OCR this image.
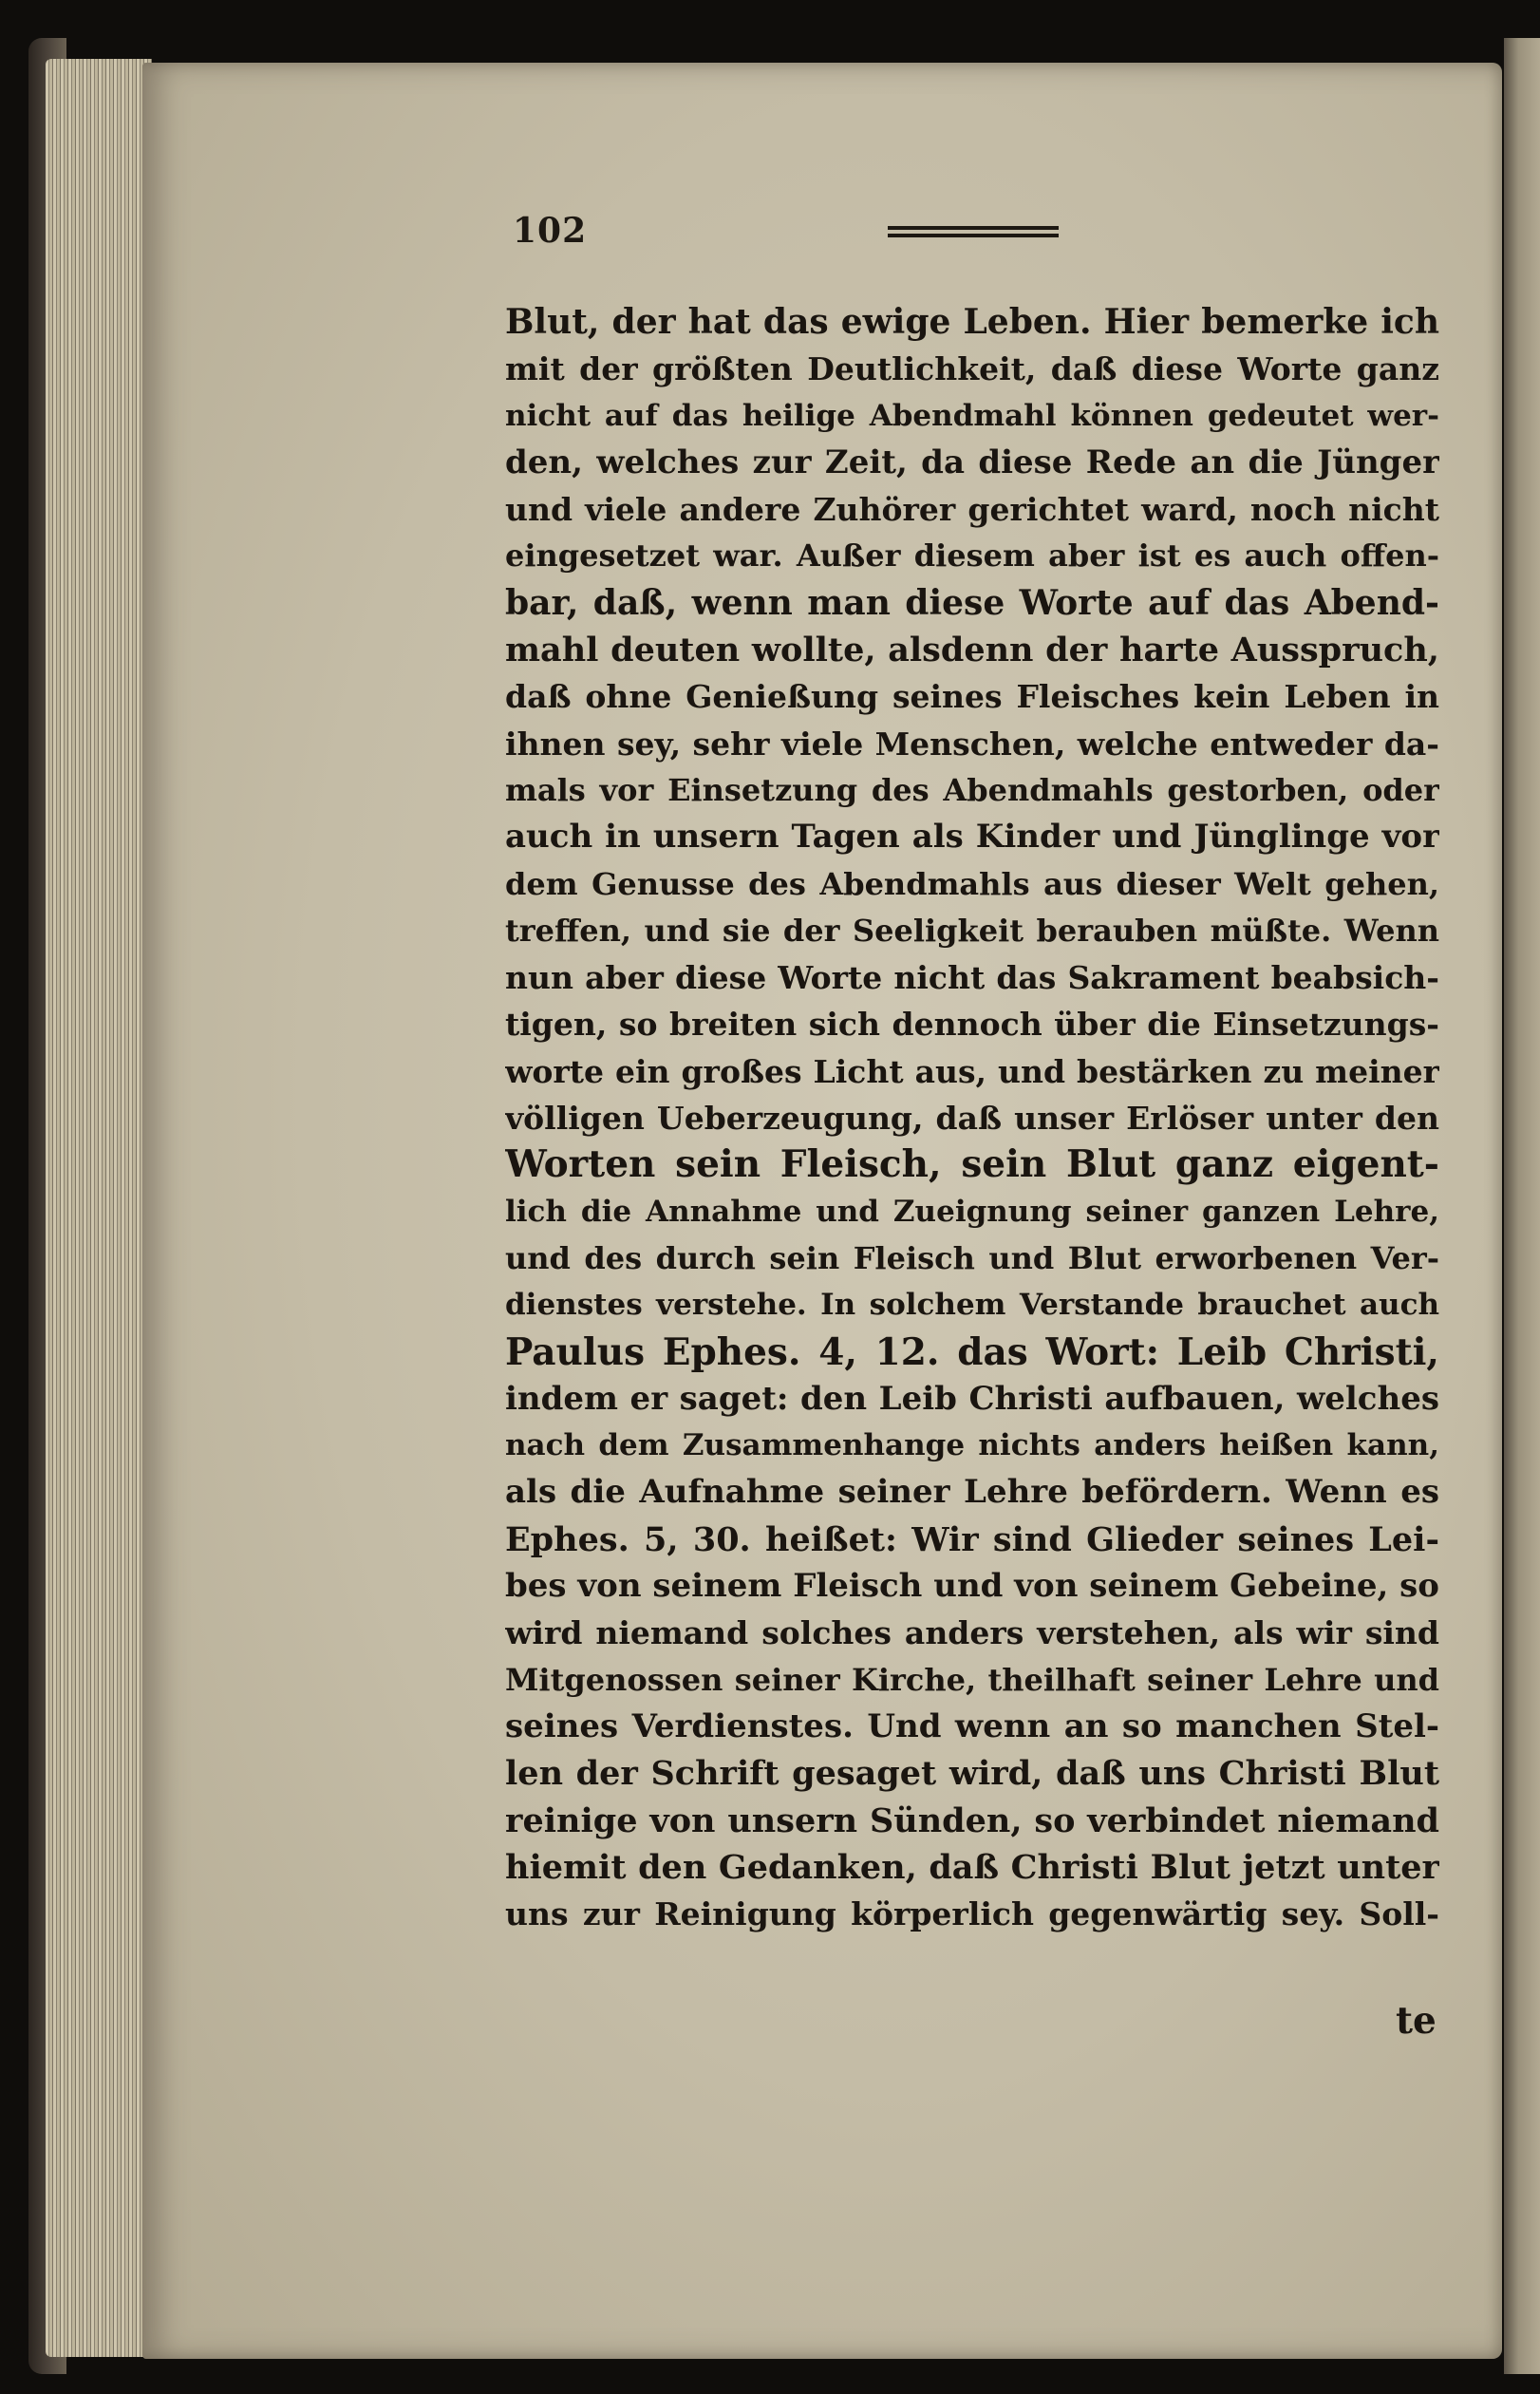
102
Blut, der hat das ewige Leben. Hier bemerke ich
mit der größten Deutlichkeit, daß diese Worte ganz
nicht auf das heilige Abendmahl können gedeutet wer-
den, welches zur Zeit, da diese Rede an die Jünger
und viele andere Zuhörer gerichtet ward, noch nicht
eingesetzet war. Außer diesem aber ist es auch offen-
bar, daß, wenn man diese Worte auf das Abend-
mahl deuten wollte, alsdenn der harte Ausspruch,
daß ohne Genießung seines Fleisches kein Leben in
ihnen sey, sehr viele Menschen, welche entweder da-
mals vor Einsetzung des Abendmahls gestorben, oder
auch in unsern Tagen als Kinder und Jünglinge vor
dem Genusse des Abendmahls aus dieser Welt gehen,
treffen, und sie der Seeligkeit berauben müßte. Wenn
nun aber diese Worte nicht das Sakrament beabsich-
tigen, so breiten sich dennoch über die Einsetzungs-
worte ein großes Licht aus, und bestärken zu meiner
völligen Ueberzeugung, daß unser Erlöser unter den
Worten sein Fleisch, sein Blut ganz eigent-
lich die Annahme und Zueignung seiner ganzen Lehre,
und des durch sein Fleisch und Blut erworbenen Ver-
dienstes verstehe. In solchem Verstande brauchet auch
Paulus Ephes. 4, 12. das Wort: Leib Christi,
indem er saget: den Leib Christi aufbauen, welches
nach dem Zusammenhange nichts anders heißen kann,
als die Aufnahme seiner Lehre befördern. Wenn es
Ephes. 5, 30. heißet: Wir sind Glieder seines Lei-
bes von seinem Fleisch und von seinem Gebeine, so
wird niemand solches anders verstehen, als wir sind
Mitgenossen seiner Kirche, theilhaft seiner Lehre und
seines Verdienstes. Und wenn an so manchen Stel-
len der Schrift gesaget wird, daß uns Christi Blut
reinige von unsern Sünden, so verbindet niemand
hiemit den Gedanken, daß Christi Blut jetzt unter
uns zur Reinigung körperlich gegenwärtig sey. Soll-
te
